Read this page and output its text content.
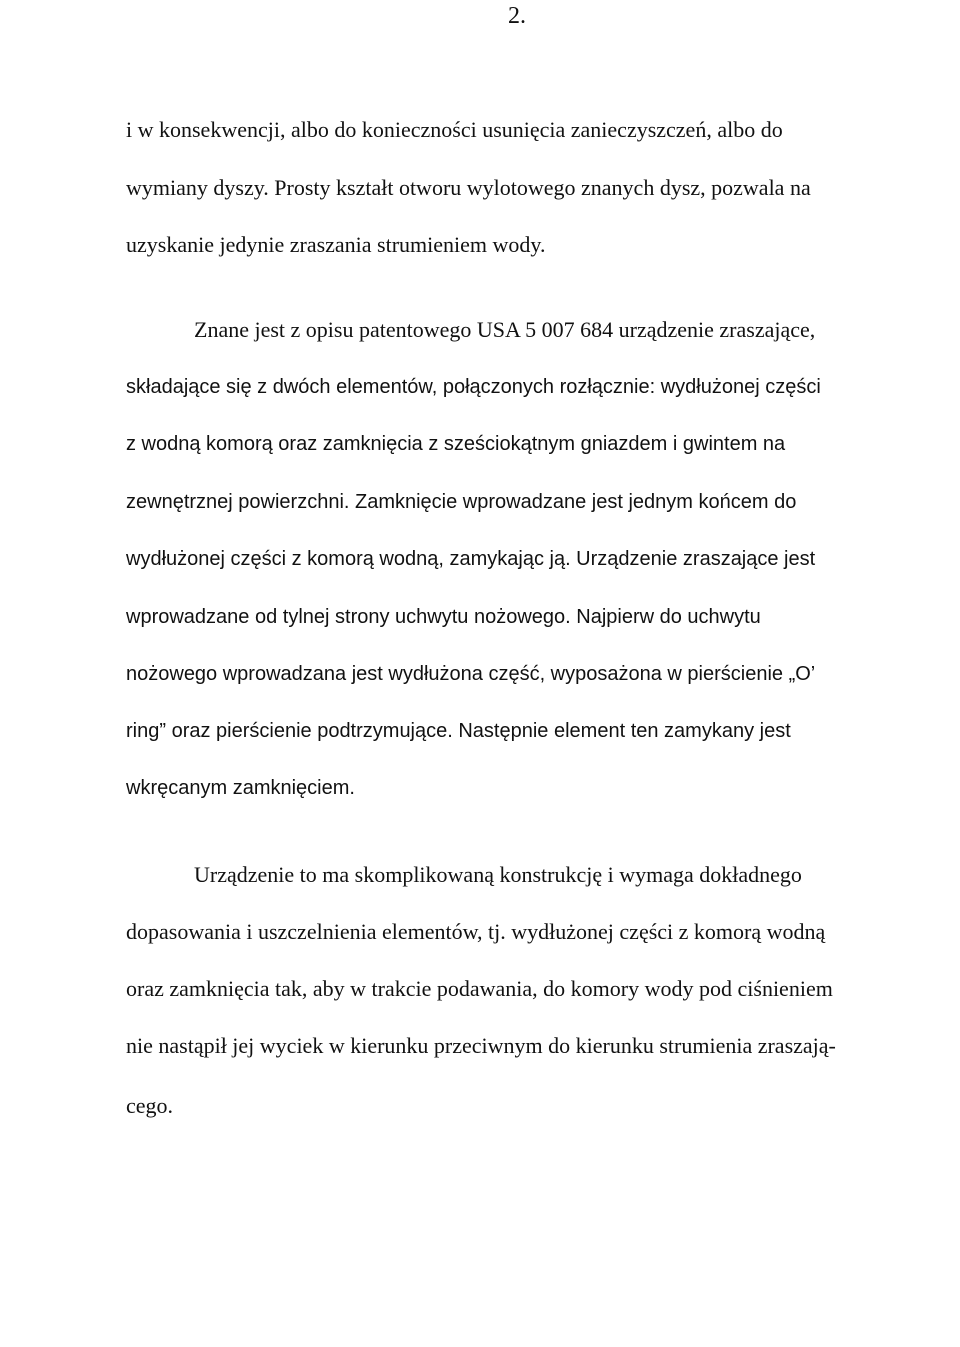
2.
i w konsekwencji, albo do konieczności usunięcia zanieczyszczeń, albo do
wymiany dyszy. Prosty kształt otworu wylotowego znanych dysz, pozwala na
uzyskanie jedynie zraszania strumieniem wody.
Znane jest z opisu patentowego USA 5 007 684 urządzenie zraszające,
składające się z dwóch elementów, połączonych rozłącznie: wydłużonej części
z wodną komorą oraz zamknięcia z sześciokątnym gniazdem i gwintem na
zewnętrznej powierzchni. Zamknięcie wprowadzane jest jednym końcem do
wydłużonej części z komorą wodną, zamykając ją. Urządzenie zraszające jest
wprowadzane od tylnej strony uchwytu nożowego. Najpierw do uchwytu
nożowego wprowadzana jest wydłużona część, wyposażona w pierścienie „O’
ring” oraz pierścienie podtrzymujące. Następnie element ten zamykany jest
wkręcanym zamknięciem.
Urządzenie to ma skomplikowaną konstrukcję i wymaga dokładnego
dopasowania i uszczelnienia elementów, tj. wydłużonej części z komorą wodną
oraz zamknięcia tak, aby w trakcie podawania, do komory wody pod ciśnieniem
nie nastąpił jej wyciek w kierunku przeciwnym do kierunku strumienia zraszają-
cego.
